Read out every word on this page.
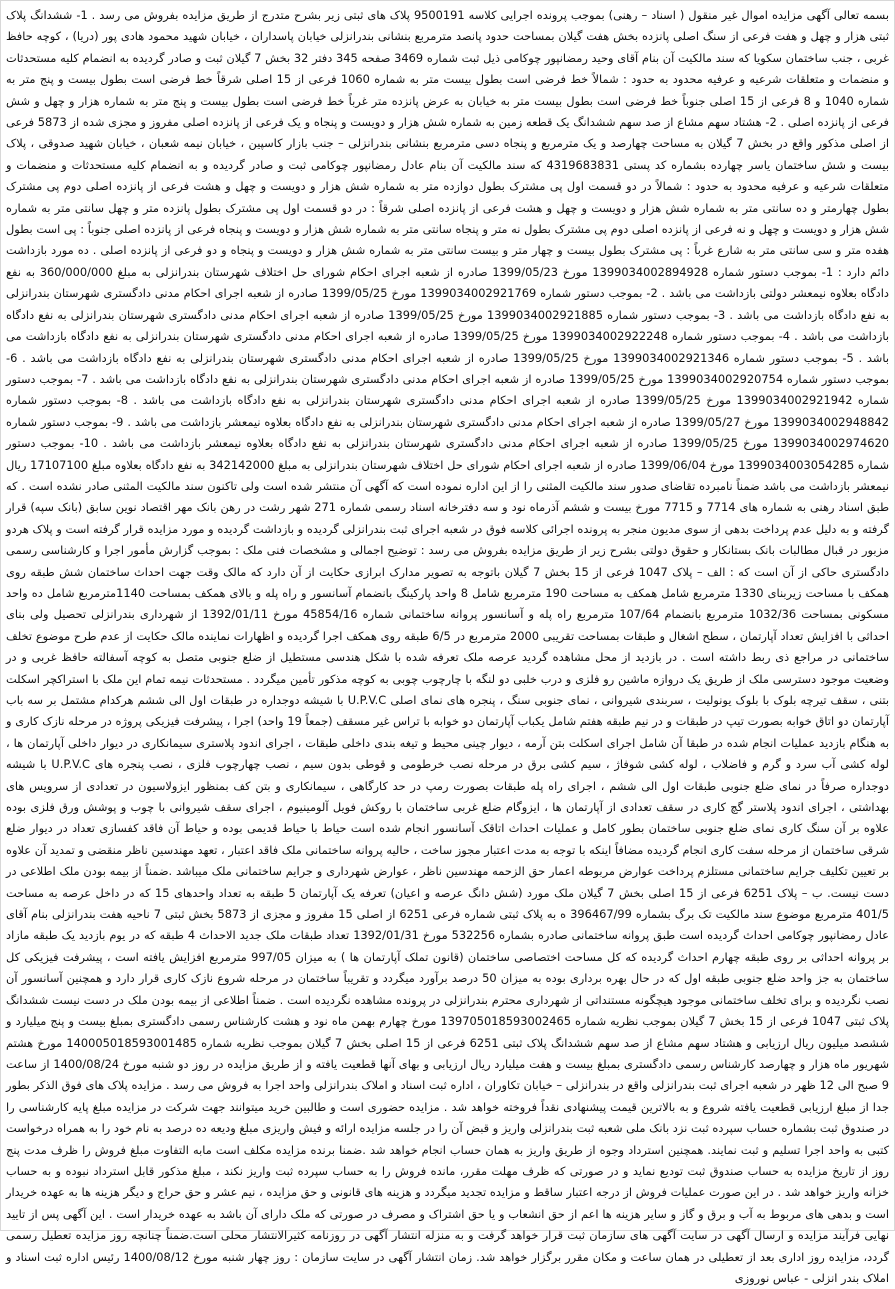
بسمه تعالی آگهی مزایده اموال غیر منقول ( اسناد – رهنی) بموجب پرونده اجرایی کلاسه 9500191 پلاک های ثبتی زیر بشرح متدرج از طریق مزایده بفروش می رسد . 1- ششدانگ پلاک ثبتی هزار و چهل و هفت فرعی از سنگ اصلی پانزده بخش هفت گیلان بمساحت حدود پانصد مترمربع بنشانی بندرانزلی خیابان پاسداران ، خیابان شهید محمود هادی پور (دریا) ، کوچه حافظ غربی ، جنب ساختمان سکویا که سند مالکیت آن بنام آقای وحید رمضانپور چوکامی ذیل ثبت شماره 3469 صفحه 345 دفتر 32 بخش 7 گیلان ثبت و صادر گردیده به انضمام کلیه مستحدثات و منضمات و متعلقات شرعیه و عرفیه محدود به حدود : شمالاً خط فرضی است بطول بیست متر به شماره 1060 فرعی از 15 اصلی شرقاً خط فرضی است بطول بیست و پنج متر به شماره 1040 و 8 فرعی از 15 اصلی جنوباً خط فرضی است بطول بیست متر به خیابان به عرض پانزده متر غرباً خط فرضی است بطول بیست و پنج متر به شماره هزار و چهل و شش فرعی از پانزده اصلی . 2- هشتاد سهم مشاع از صد سهم ششدانگ یک قطعه زمین به شماره شش هزار و دویست و پنجاه و یک فرعی از پانزده اصلی مفروز و مجزی شده از 5873 فرعی از اصلی مذکور واقع در بخش 7 گیلان به مساحت چهارصد و یک مترمربع و پنجاه دسی مترمربع بنشانی بندرانزلی – جنب بازار کاسپین ، خیابان نیمه شعبان ، خیابان شهید صدوقی ، پلاک بیست و شش ساختمان یاسر چهارده بشماره کد پستی 4319683831 که سند مالکیت آن بنام عادل رمضانپور چوکامی ثبت و صادر گردیده و به انضمام کلیه مستحدثات و منضمات و متعلقات شرعیه و عرفیه محدود به حدود : شمالاً در دو قسمت اول پی مشترک بطول دوازده متر به شماره شش هزار و دویست و چهل و هشت فرعی از پانزده اصلی دوم پی مشترک بطول چهارمتر و ده سانتی متر به شماره شش هزار و دویست و چهل و هشت فرعی از پانزده اصلی شرقاً : در دو قسمت اول پی مشترک بطول پانزده متر و چهل سانتی متر به شماره شش هزار و دویست و چهل و نه فرعی از پانزده اصلی دوم پی مشترک بطول نه متر و پنجاه سانتی متر به شماره شش هزار و دویست و پنجاه فرعی از پانزده اصلی جنوباً : پی است بطول هفده متر و سی سانتی متر به شارع غرباً : پی مشترک بطول بیست و چهار متر و بیست سانتی متر به شماره شش هزار و دویست و پنجاه و دو فرعی از پانزده اصلی . ده مورد بازداشت دائم دارد : 1- بموجب دستور شماره 1399034002894928 مورخ 1399/05/23 صادره از شعبه اجرای احکام شورای حل اختلاف شهرستان بندرانزلی به مبلغ 360/000/000 به نفع دادگاه بعلاوه نیمعشر دولتی بازداشت می باشد . 2- بموجب دستور شماره 1399034002921769 مورخ 1399/05/25 صادره از شعبه اجرای احکام مدنی دادگستری شهرستان بندرانزلی به نفع دادگاه بازداشت می باشد . 3- بموجب دستور شماره 1399034002921885 مورخ 1399/05/25 صادره از شعبه اجرای احکام مدنی دادگستری شهرستان بندرانزلی به نفع دادگاه بازداشت می باشد . 4- بموجب دستور شماره 1399034002922248 مورخ 1399/05/25 صادره از شعبه اجرای احکام مدنی دادگستری شهرستان بندرانزلی به نفع دادگاه بازداشت می باشد . 5- بموجب دستور شماره 1399034002921346 مورخ 1399/05/25 صادره از شعبه اجرای احکام مدنی دادگستری شهرستان بندرانزلی به نفع دادگاه بازداشت می باشد . 6- بموجب دستور شماره 1399034002920754 مورخ 1399/05/25 صادره از شعبه اجرای احکام مدنی دادگستری شهرستان بندرانزلی به نفع دادگاه بازداشت می باشد . 7- بموجب دستور شماره 1399034002921942 مورخ 1399/05/25 صادره از شعبه اجرای احکام مدنی دادگستری شهرستان بندرانزلی به نفع دادگاه بازداشت می باشد . 8- بموجب دستور شماره 1399034002948842 مورخ 1399/05/27 صادره از شعبه اجرای احکام مدنی دادگستری شهرستان بندرانزلی به نفع دادگاه بعلاوه نیمعشر بازداشت می باشد . 9- بموجب دستور شماره 1399034002974620 مورخ 1399/05/25 صادره از شعبه اجرای احکام مدنی دادگستری شهرستان بندرانزلی به نفع دادگاه بعلاوه نیمعشر بازداشت می باشد . 10- بموجب دستور شماره 1399034003054285 مورخ 1399/06/04 صادره از شعبه اجرای احکام شورای حل اختلاف شهرستان بندرانزلی به مبلغ 342142000 به نفع دادگاه بعلاوه مبلغ 17107100 ریال نیمعشر بازداشت می باشد ضمناً نامبرده تقاضای صدور سند مالکیت المثنی را از این اداره نموده است که آگهی آن منتشر شده است ولی تاکنون سند مالکیت المثنی صادر نشده است . که طبق اسناد رهنی به شماره های 7714 و 7715 مورخ بیست و ششم آذرماه نود و سه دفترخانه اسناد رسمی شماره 271 شهر رشت در رهن بانک مهر اقتصاد نوین سابق (بانک سپه) قرار گرفته و به دلیل عدم پرداخت بدهی از سوی مدیون منجر به پرونده اجرائی کلاسه فوق در شعبه اجرای ثبت بندرانزلی گردیده و بازداشت گردیده و مورد مزایده قرار گرفته است و پلاک هردو مزبور در قبال مطالبات بانک بستانکار و حقوق دولتی بشرح زیر از طریق مزایده بفروش می رسد : توضیح اجمالی و مشخصات فنی ملک : بموجب گزارش مأمور اجرا و کارشناسی رسمی دادگستری حاکی از آن است که : الف – پلاک 1047 فرعی از 15 بخش 7 گیلان باتوجه به تصویر مدارک ابرازی حکایت از آن دارد که مالک وقت جهت احداث ساختمان شش طبقه روی همکف با مساحت زیربنای 1330 مترمربع شامل همکف به مساحت 190 مترمربع شامل 8 واحد پارکینگ بانضمام آسانسور و راه پله و بالای همکف بمساحت 1140مترمربع شامل ده واحد مسکونی بمساحت 1032/36 مترمربع بانضمام 107/64 مترمربع راه پله و آسانسور پروانه ساختمانی شماره 45854/16 مورخ 1392/01/11 از شهرداری بندرانزلی تحصیل ولی بنای احداثی با افزایش تعداد آپارتمان ، سطح اشغال و طبقات بمساحت تقریبی 2000 مترمربع در 6/5 طبقه روی همکف اجرا گردیده و اظهارات نماینده مالک حکایت از عدم طرح موضوع تخلف ساختمانی در مراجع ذی ربط داشته است . در بازدید از محل مشاهده گردید عرصه ملک تعرفه شده با شکل هندسی مستطیل از ضلع جنوبی متصل به کوچه آسفالته حافظ غربی و در وضعیت موجود دسترسی ملک از طریق یک دروازه ماشین رو فلزی و درب خلبی دو لنگه با چارچوب چوبی به کوچه مذکور تأمین میگردد . مستحدثات نیمه تمام این ملک با استراکچر اسکلت بتنی ، سقف تیرچه بلوک با بلوک یونولیت ، سربندی شیروانی ، نمای جنوبی سنگ ، پنجره های نمای اصلی U.P.V.C با شیشه دوجداره در طبقات اول الی ششم هرکدام مشتمل بر سه باب آپارتمان دو اتاق خوابه بصورت تیپ در طبقات و در نیم طبقه هفتم شامل یکباب آپارتمان دو خوابه با تراس غیر مسقف (جمعاً 19 واحد) اجرا ، پیشرفت فیزیکی پروژه در مرحله نازک کاری و به هنگام بازدید عملیات انجام شده در طبقا آن شامل اجرای اسکلت بتن آرمه ، دیوار چینی محیط و تیغه بندی داخلی طبقات ، اجرای اندود پلاستری سیمانکاری در دیوار داخلی آپارتمان ها ، لوله کشی آب سرد و گرم و فاضلاب ، لوله کشی شوفاژ ، سیم کشی برق در مرحله نصب خرطومی و قوطی بدون سیم ، نصب چهارچوب فلزی ، نصب پنجره های U.P.V.C با شیشه دوجداره صرفاً در نمای ضلع جنوبی طبقات اول الی ششم ، اجرای راه پله طبقات بصورت رمپ در حد کارگاهی ، سیمانکاری و بتن کف بمنظور ایزولاسیون در تعدادی از سرویس های بهداشتی ، اجرای اندود پلاستر گچ کاری در سقف تعدادی از آپارتمان ها ، ایزوگام ضلع غربی ساختمان با روکش فویل آلومینیوم ، اجرای سقف شیروانی با چوب و پوشش ورق فلزی بوده علاوه بر آن سنگ کاری نمای ضلع جنوبی ساختمان بطور کامل و عملیات احداث اتاقک آسانسور انجام شده است حیاط با حیاط قدیمی بوده و حیاط آن فاقد کفسازی تعداد در دیوار ضلع شرقی ساختمان از مرحله سفت کاری انجام گردیده مضافاً اینکه با توجه به مدت اعتبار مجوز ساخت ، حالیه پروانه ساختمانی ملک فاقد اعتبار ، تعهد مهندسین ناظر منقضی و تمدید آن علاوه بر تعیین تکلیف جرایم ساختمانی مستلزم پرداخت عوارض مربوطه اعمار حق الزحمه مهندسین ناظر ، عوارض شهرداری و جرایم ساختمانی ملک میباشد .ضمناً از بیمه بودن ملک اطلاعی در دست نیست. ب – پلاک 6251 فرعی از 15 اصلی بخش 7 گیلان ملک مورد (شش دانگ عرصه و اعیان) تعرفه یک آپارتمان 5 طبقه به تعداد واحدهای 15 که در داخل عرصه به مساحت 401/5 مترمربع موضوع سند مالکیت تک برگ بشماره 396467/99 ه به پلاک ثبتی شماره فرعی 6251 از اصلی 15 مفروز و مجزی از 5873 بخش ثبتی 7 ناحیه هفت بندرانزلی بنام آقای عادل رمضانپور چوکامی احداث گردیده است طبق پروانه ساختمانی صادره بشماره 532256 مورخ 1392/01/31 تعداد طبقات ملک جدید الاحداث 4 طبقه که در یوم بازدید یک طبقه مازاد بر پروانه احداثی بر روی طبقه چهارم احداث گردیده که کل مساحت اختصاصی ساختمان (قانون تملک آپارتمان ها ) به میزان 997/05 مترمربع افزایش یافته است ، پیشرفت فیزیکی کل ساختمان به جز واحد ضلع جنوبی طبقه اول که در حال بهره برداری بوده به میزان 50 درصد برآورد میگردد و تقریباً ساختمان در مرحله شروع نازک کاری قرار دارد و همچنین آسانسور آن نصب نگردیده و برای تخلف ساختمانی موجود هیچگونه مستنداتی از شهرداری محترم بندرانزلی در پرونده مشاهده نگردیده است . ضمناً اطلاعی از بیمه بودن ملک در دست نیست ششدانگ پلاک ثبتی 1047 فرعی از 15 بخش 7 گیلان بموجب نظریه شماره 139705018593002465 مورخ چهارم بهمن ماه نود و هشت کارشناس رسمی دادگستری بمبلغ بیست و پنج میلیارد و ششصد میلیون ریال ارزیابی و هشتاد سهم مشاع از صد سهم ششدانگ پلاک ثبتی 6251 فرعی از 15 اصلی بخش 7 گیلان بموجب نظریه شماره 140005018593001485 مورخ هشتم شهریور ماه هزار و چهارصد کارشناس رسمی دادگستری بمبلغ بیست و هفت میلیارد ریال ارزیابی و بهای آنها قطعیت یافته و از طریق مزایده در روز دو شنبه مورخ 1400/08/24 از ساعت 9 صبح الی 12 ظهر در شعبه اجرای ثبت بندرانزلی واقع در بندرانزلی – خیابان تکاوران ، اداره ثبت اسناد و املاک بندرانزلی واحد اجرا به فروش می رسد . مزایده پلاک های فوق الذکر بطور جدا از مبلغ ارزیابی قطعیت یافته شروع و به بالاترین قیمت پیشنهادی نقداً فروخته خواهد شد . مزایده حضوری است و طالبین خرید میتوانند جهت شرکت در مزایده مبلغ پایه کارشناسی را در صندوق ثبت بشماره حساب سپرده ثبت نزد بانک ملی شعبه ثبت بندرانزلی واریز و قبض آن را در جلسه مزایده ارائه و فیش واریزی مبلغ ودیعه ده درصد به نام خود را به همراه درخواست کتبی به واحد اجرا تسلیم و ثبت نمایند. همچنین استرداد وجوه از طریق واریز به همان حساب انجام خواهد شد .ضمنا برنده مزایده مکلف است مابه التفاوت مبلغ فروش را ظرف مدت پنج روز از تاریخ مزایده به حساب صندوق ثبت تودیع نماید و در صورتی که ظرف مهلت مقرر، مانده فروش را به حساب سپرده ثبت واریز نکند ، مبلغ مذکور قابل استرداد نبوده و به حساب خزانه واریز خواهد شد . در این صورت عملیات فروش از درجه اعتبار ساقط و مزایده تجدید میگردد و هزینه های قانونی و حق مزایده ، نیم عشر و حق حراج و دیگر هزینه ها به عهده خریدار است و بدهی های مربوط به آب و برق و گاز و سایر هزینه ها اعم از حق انشعاب و یا حق اشتراک و مصرف در صورتی که ملک دارای آن باشد به عهده خریدار است . این آگهی پس از تایید نهایی فرآیند مزایده و ارسال آگهی در سایت آگهی های سازمان ثبت قرار خواهد گرفت و به منزله انتشار آگهی در روزنامه کثیرالانتشار محلی است.ضمناً چنانچه روز مزایده تعطیل رسمی گردد، مزایده روز اداری بعد از تعطیلی در همان ساعت و مکان مقرر برگزار خواهد شد. زمان انتشار آگهی در سایت سازمان : روز چهار شنبه مورخ 1400/08/12 رئیس اداره ثبت اسناد و املاک بندر انزلی - عباس نوروزی
